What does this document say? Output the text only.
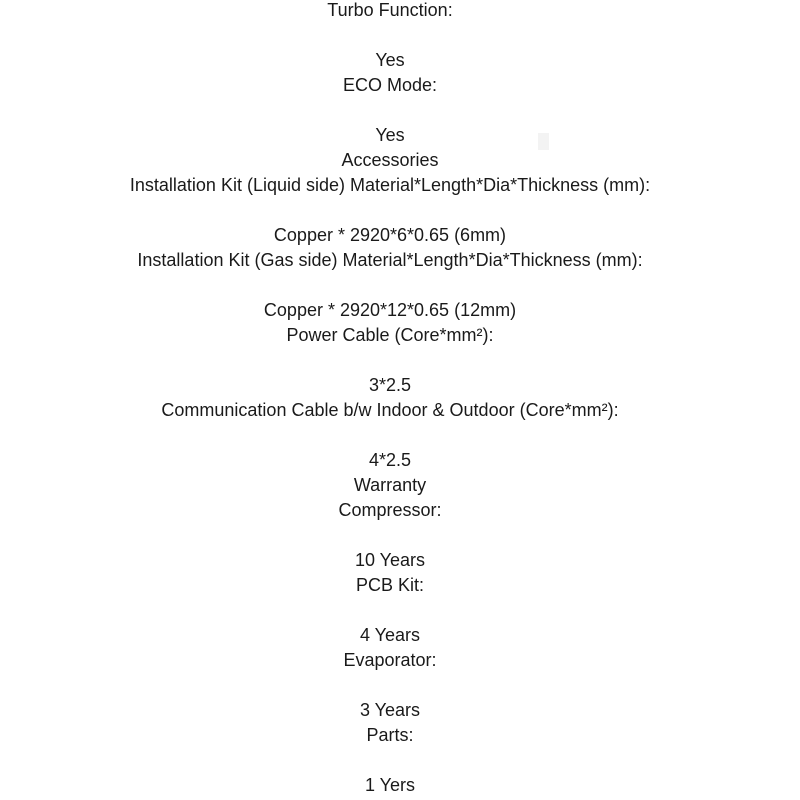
Turbo Function:
Yes
ECO Mode:
Yes
Accessories
Installation Kit (Liquid side) Material*Length*Dia*Thickness (mm):
Copper * 2920*6*0.65 (6mm)
Installation Kit (Gas side) Material*Length*Dia*Thickness (mm):
Copper * 2920*12*0.65 (12mm)
Power Cable (Core*mm²):
3*2.5
Communication Cable b/w Indoor & Outdoor (Core*mm²):
4*2.5
Warranty
Compressor:
10 Years
PCB Kit:
4 Years
Evaporator:
3 Years
Parts:
1 Yers
